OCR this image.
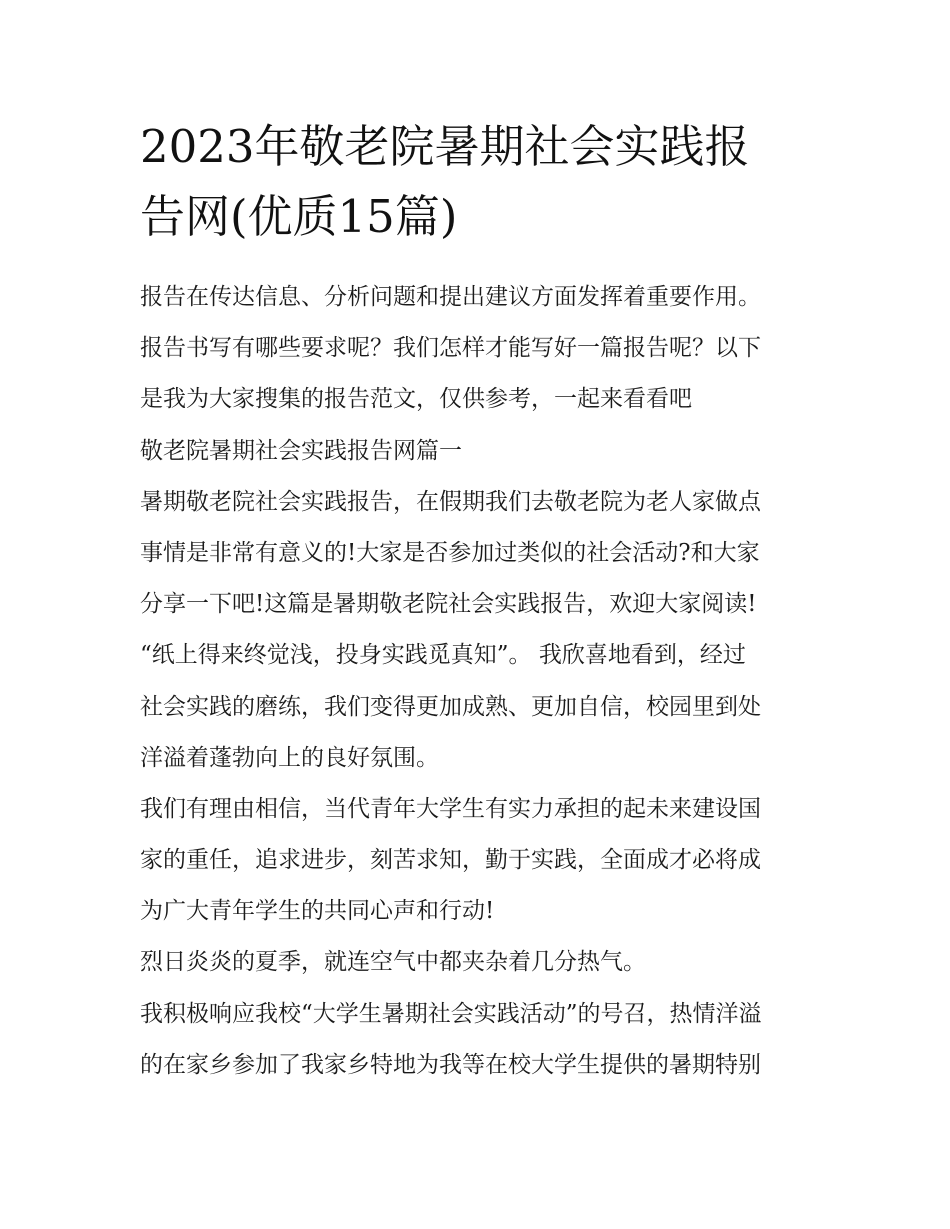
2023年敬老院暑期社会实践报
告网(优质15篇)
报告在传达信息、分析问题和提出建议方面发挥着重要作用。
报告书写有哪些要求呢？我们怎样才能写好一篇报告呢？以下
是我为大家搜集的报告范文，仅供参考，一起来看看吧
敬老院暑期社会实践报告网篇一
暑期敬老院社会实践报告，在假期我们去敬老院为老人家做点
事情是非常有意义的!大家是否参加过类似的社会活动?和大家
分享一下吧!这篇是暑期敬老院社会实践报告，欢迎大家阅读!
“纸上得来终觉浅，投身实践觅真知”。 我欣喜地看到，经过
社会实践的磨练，我们变得更加成熟、更加自信，校园里到处
洋溢着蓬勃向上的良好氛围。
我们有理由相信，当代青年大学生有实力承担的起未来建设国
家的重任，追求进步，刻苦求知，勤于实践，全面成才必将成
为广大青年学生的共同心声和行动!
烈日炎炎的夏季，就连空气中都夹杂着几分热气。
我积极响应我校“大学生暑期社会实践活动”的号召，热情洋溢
的在家乡参加了我家乡特地为我等在校大学生提供的暑期特别
